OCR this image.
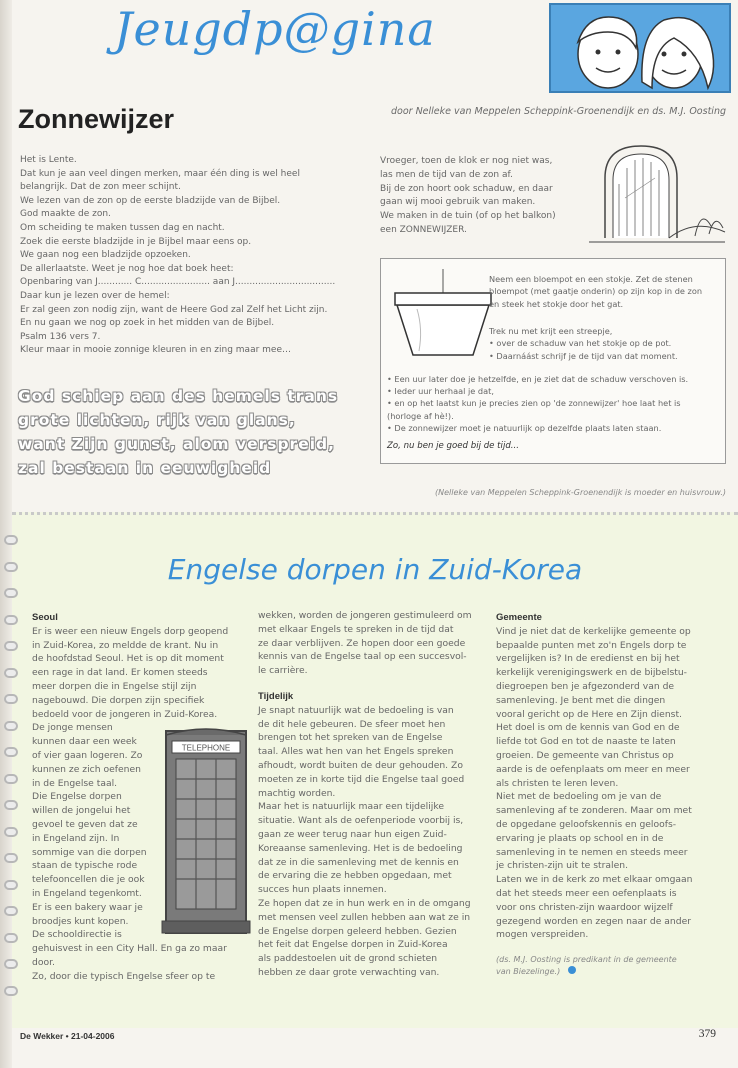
Jeugdp@gina
Zonnewijzer	door Nelleke van Meppelen Scheppink-Groenendijk en ds. M.J. Oosting

Het is Lente.

Dat kun je aan veel dingen merken, maar één ding is wel heel

belangrijk. Dat de zon meer schijnt.

We lezen van de zon op de eerste bladzijde van de Bijbel.

God maakte de zon.

Om scheiding te maken tussen dag en nacht.

Zoek die eerste bladzijde in je Bijbel maar eens op.

We gaan nog een bladzijde opzoeken.

De allerlaatste. Weet je nog hoe dat boek heet:

Openbaring van J............ C........................ aan J...................................

Daar kun je lezen over de hemel:

Er zal geen zon nodig zijn, want de Heere God zal Zelf het Licht zijn.

En nu gaan we nog op zoek in het midden van de Bijbel.

Psalm 136 vers 7.

Kleur maar in mooie zonnige kleuren in en zing maar mee…

God schiep aan des hemels trans

grote lichten, rijk van glans,

want Zijn gunst, alom verspreid,

zal bestaan in eeuwigheid

Vroeger, toen de klok er nog niet was,

las men de tijd van de zon af.

Bij de zon hoort ook schaduw, en daar

gaan wij mooi gebruik van maken.

We maken in de tuin (of op het balkon)

een ZONNEWIJZER.

Neem een bloempot en een stokje. Zet de stenen

bloempot (met gaatje onderin) op zijn kop in de zon

en steek het stokje door het gat.

Trek nu met krijt een streepje,

• over de schaduw van het stokje op de pot.

• Daarnáást schrijf je de tijd van dat moment.

• Een uur later doe je hetzelfde, en je ziet dat de schaduw verschoven is.

• Ieder uur herhaal je dat,

• en op het laatst kun je precies zien op 'de zonnewijzer' hoe laat het is

(horloge af hè!).

• De zonnewijzer moet je natuurlijk op dezelfde plaats laten staan.

Zo, nu ben je goed bij de tijd...
(Nelleke van Meppelen Scheppink-Groenendijk is moeder en huisvrouw.)
Engelse dorpen in Zuid-Korea
Seoul

Er is weer een nieuw Engels dorp geopend

in Zuid-Korea, zo meldde de krant. Nu in

de hoofdstad Seoul. Het is op dit moment

een rage in dat land. Er komen steeds

meer dorpen die in Engelse stijl zijn

nagebouwd. Die dorpen zijn specifiek

bedoeld voor de jongeren in Zuid-Korea.

De jonge mensen

kunnen daar een week

of vier gaan logeren. Zo

kunnen ze zich oefenen

in de Engelse taal.

Die Engelse dorpen

willen de jongelui het

gevoel te geven dat ze

in Engeland zijn. In

sommige van die dorpen

staan de typische rode

telefooncellen die je ook

in Engeland tegenkomt.

Er is een bakery waar je

broodjes kunt kopen.

De schooldirectie is

gehuisvest in een City Hall. En ga zo maar

door.

Zo, door die typisch Engelse sfeer op te

TELEPHONE

wekken, worden de jongeren gestimuleerd om

met elkaar Engels te spreken in de tijd dat

ze daar verblijven. Ze hopen door een goede

kennis van de Engelse taal op een succesvol-

le carrière.

Tijdelijk

Je snapt natuurlijk wat de bedoeling is van

de dit hele gebeuren. De sfeer moet hen

brengen tot het spreken van de Engelse

taal. Alles wat hen van het Engels spreken

afhoudt, wordt buiten de deur gehouden. Zo

moeten ze in korte tijd die Engelse taal goed

machtig worden.

Maar het is natuurlijk maar een tijdelijke

situatie. Want als de oefenperiode voorbij is,

gaan ze weer terug naar hun eigen Zuid-

Koreaanse samenleving. Het is de bedoeling

dat ze in die samenleving met de kennis en

de ervaring die ze hebben opgedaan, met

succes hun plaats innemen.

Ze hopen dat ze in hun werk en in de omgang

met mensen veel zullen hebben aan wat ze in

de Engelse dorpen geleerd hebben. Gezien

het feit dat Engelse dorpen in Zuid-Korea

als paddestoelen uit de grond schieten

hebben ze daar grote verwachting van.

Gemeente

Vind je niet dat de kerkelijke gemeente op

bepaalde punten met zo'n Engels dorp te

vergelijken is? In de eredienst en bij het

kerkelijk verenigingswerk en de bijbelstu-

diegroepen ben je afgezonderd van de

samenleving. Je bent met die dingen

vooral gericht op de Here en Zijn dienst.

Het doel is om de kennis van God en de

liefde tot God en tot de naaste te laten

groeien. De gemeente van Christus op

aarde is de oefenplaats om meer en meer

als christen te leren leven.

Niet met de bedoeling om je van de

samenleving af te zonderen. Maar om met

de opgedane geloofskennis en geloofs-

ervaring je plaats op school en in de

samenleving in te nemen en steeds meer

je christen-zijn uit te stralen.

Laten we in de kerk zo met elkaar omgaan

dat het steeds meer een oefenplaats is

voor ons christen-zijn waardoor wijzelf

gezegend worden en zegen naar de ander

mogen verspreiden.

(ds. M.J. Oosting is predikant in de gemeente

van Biezelinge.)

De Wekker • 21-04-2006	379
